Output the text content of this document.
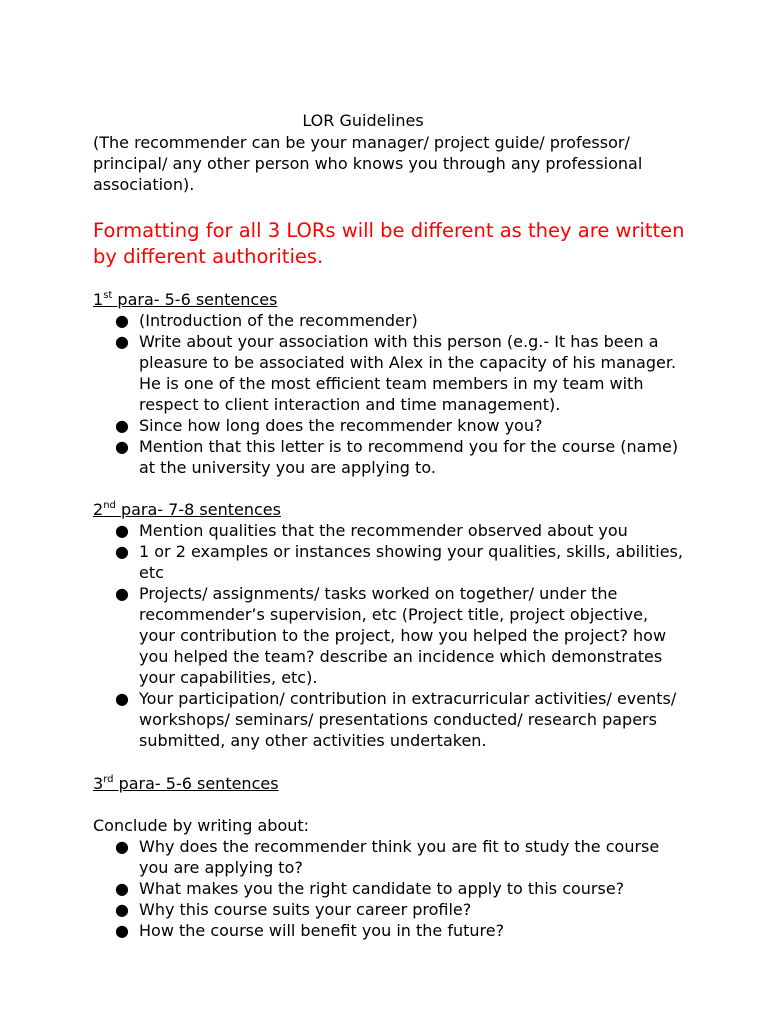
LOR Guidelines

(The recommender can be your manager/ project guide/ professor/ principal/ any other person who knows you through any professional association).

Formatting for all 3 LORs will be different as they are written by different authorities.

1st para- 5-6 sentences

● (Introduction of the recommender)
● Write about your association with this person (e.g.- It has been a pleasure to be associated with Alex in the capacity of his manager. He is one of the most efficient team members in my team with respect to client interaction and time management).
● Since how long does the recommender know you?
● Mention that this letter is to recommend you for the course (name) at the university you are applying to.

2nd para- 7-8 sentences

● Mention qualities that the recommender observed about you
● 1 or 2 examples or instances showing your qualities, skills, abilities, etc
● Projects/ assignments/ tasks worked on together/ under the recommender’s supervision, etc (Project title, project objective, your contribution to the project, how you helped the project? how you helped the team? describe an incidence which demonstrates your capabilities, etc).
● Your participation/ contribution in extracurricular activities/ events/ workshops/ seminars/ presentations conducted/ research papers submitted, any other activities undertaken.

3rd para- 5-6 sentences

Conclude by writing about:

● Why does the recommender think you are fit to study the course you are applying to?
● What makes you the right candidate to apply to this course?
● Why this course suits your career profile?
● How the course will benefit you in the future?
